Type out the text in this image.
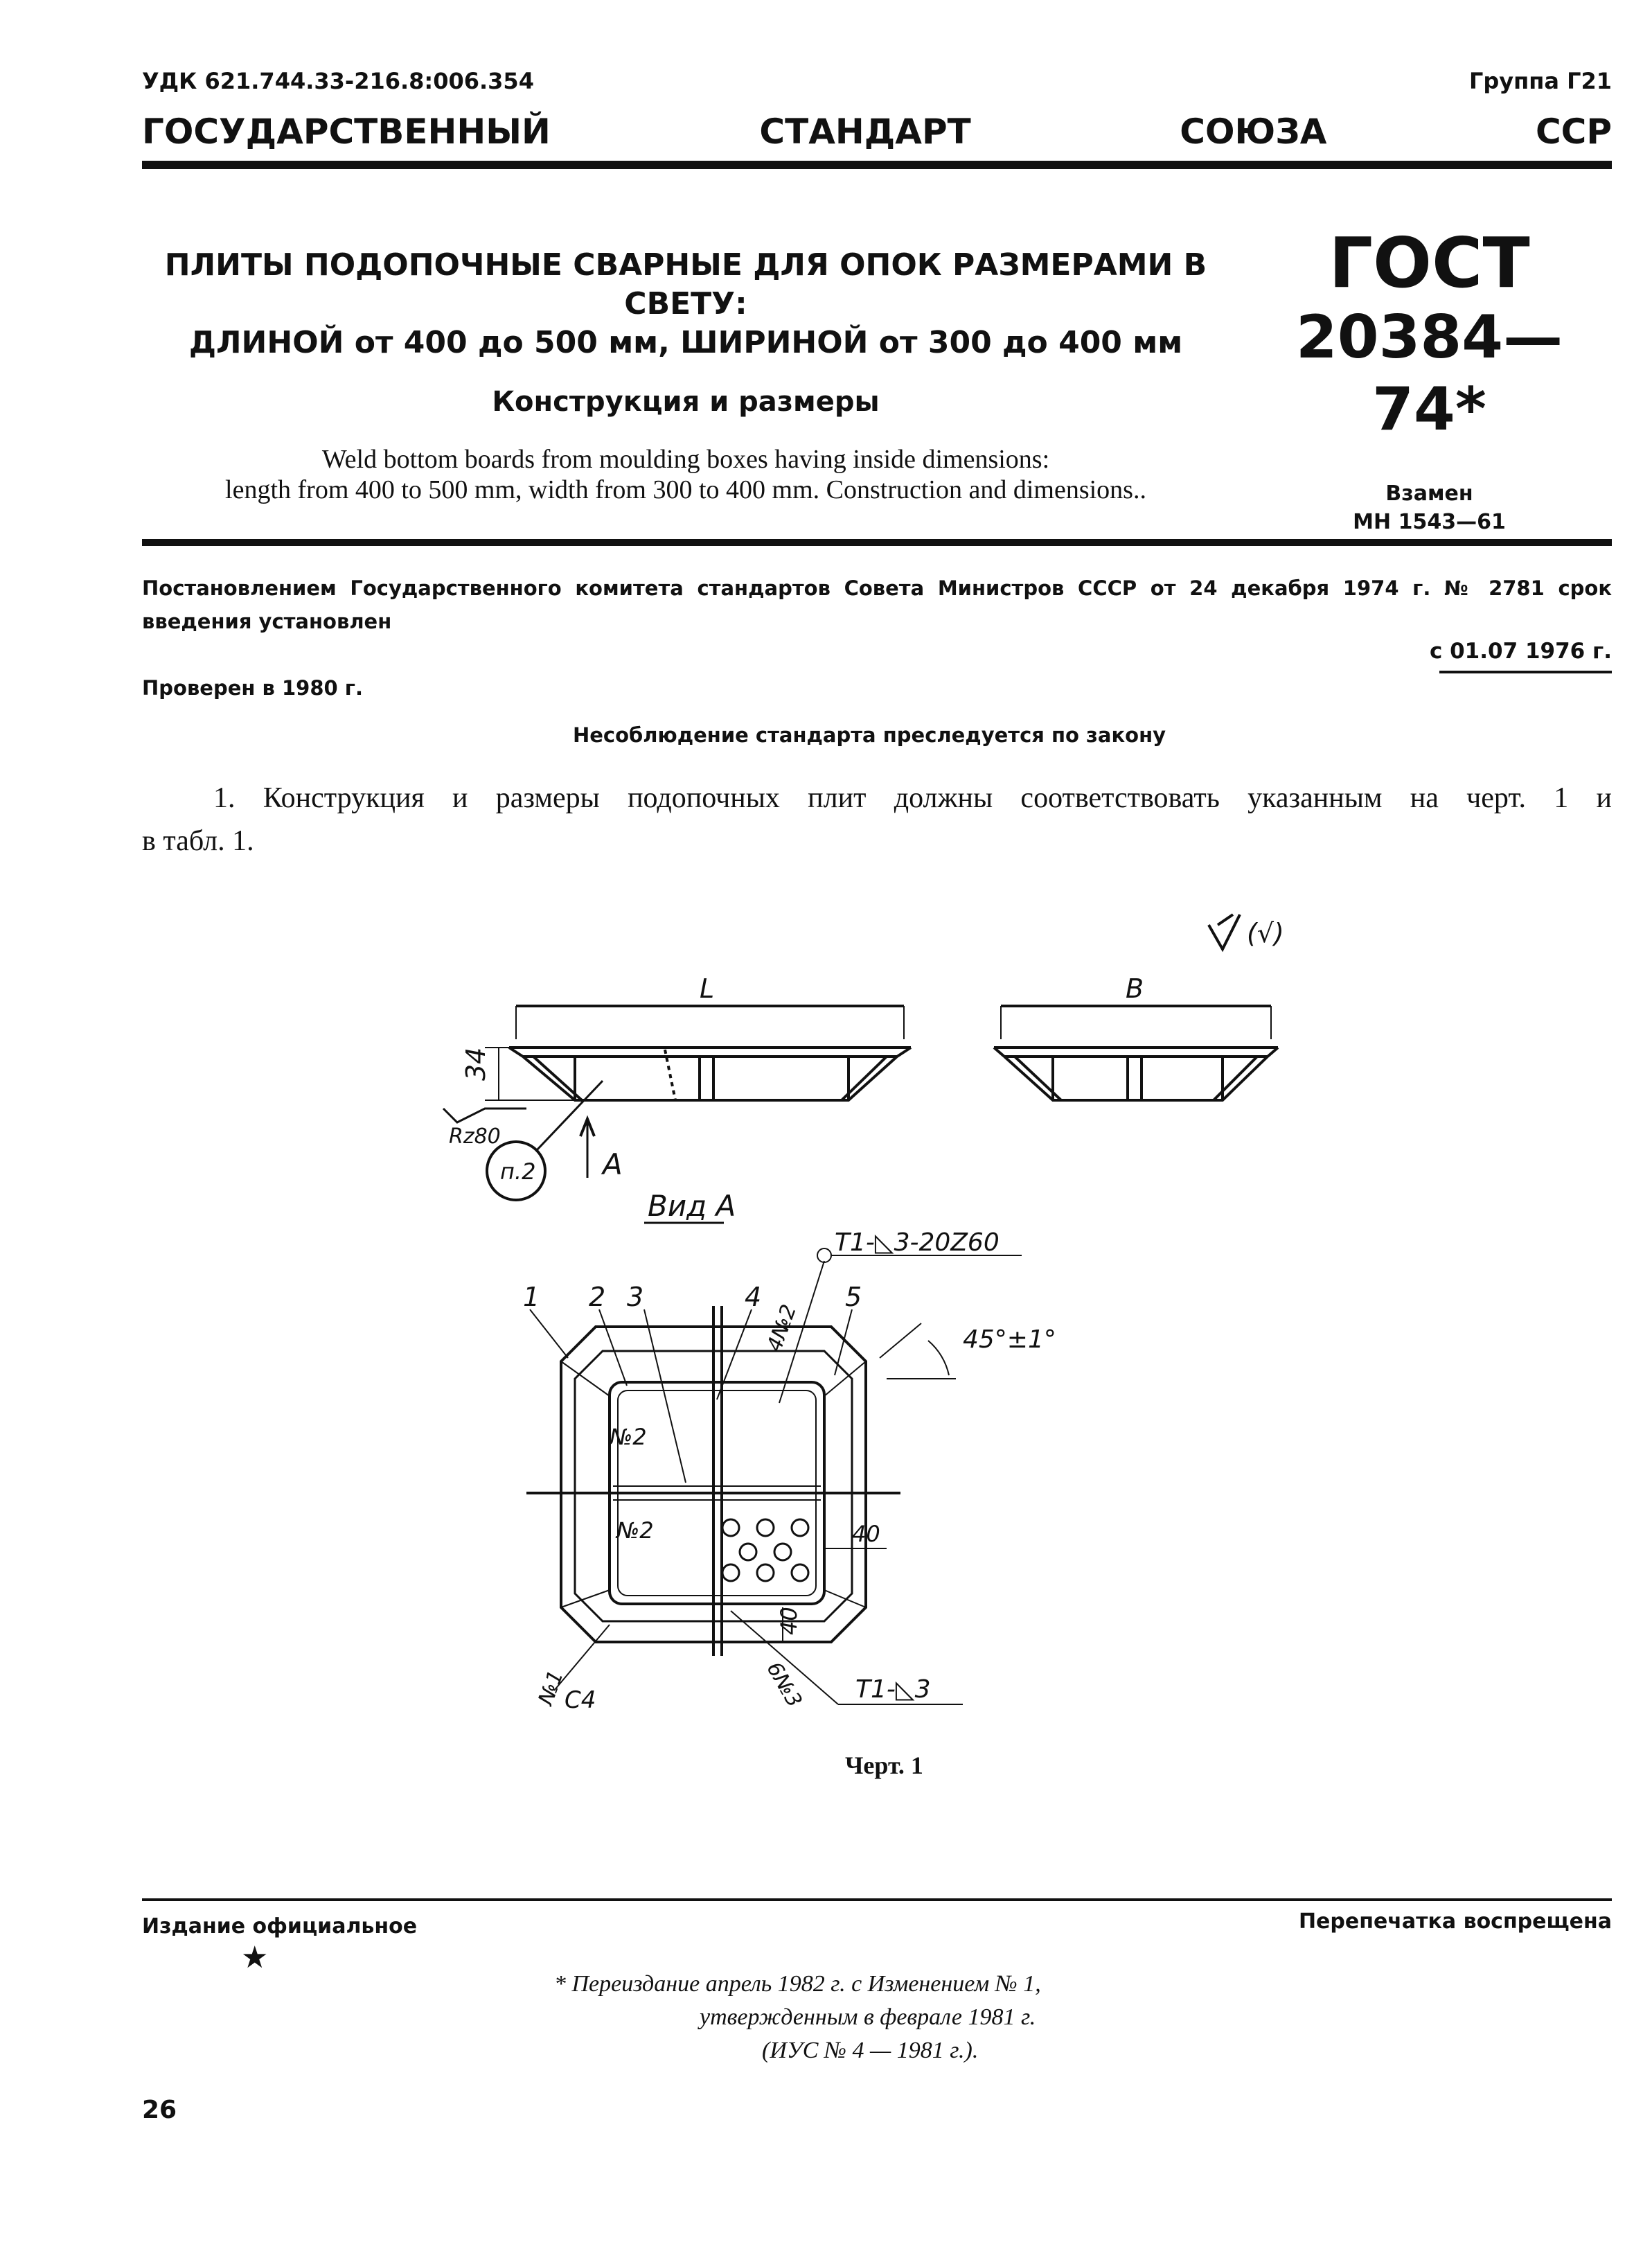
УДК 621.744.33-216.8:006.354	Группа Г21
ГОСУДАРСТВЕННЫЙ СТАНДАРТ СОЮЗА ССР
ПЛИТЫ ПОДОПОЧНЫЕ СВАРНЫЕ ДЛЯ ОПОК РАЗМЕРАМИ В СВЕТУ:
ДЛИНОЙ от 400 до 500 мм, ШИРИНОЙ от 300 до 400 мм
Конструкция и размеры
Weld bottom boards from moulding boxes having inside dimensions:
length from 400 to 500 mm, width from 300 to 400 mm. Construction and dimensions..
ГОСТ
20384—74*
Взамен
МН 1543—61
Постановлением Государственного комитета стандартов Совета Министров СССР от 24 декабря 1974 г. № 2781 срок
введения установлен
с 01.07 1976 г.
Проверен в 1980 г.
Несоблюдение стандарта преследуется по закону
1. Конструкция и размеры подопочных плит должны соответствовать указанным на черт. 1 и
в табл. 1.
(√)
L	B
34
Rz80
п.2 A
Вид А
Т1-◺3-20Z60
45°±1°
1 2 3	4	5
№2
№2
4№2
40
40
№1
С4	6№3 Т1-◺3
Черт. 1
Издание официальное
★
Перепечатка воспрещена
* Переиздание апрель 1982 г. с Изменением № 1,
утвержденным в феврале 1981 г.
(ИУС № 4 — 1981 г.).
26
